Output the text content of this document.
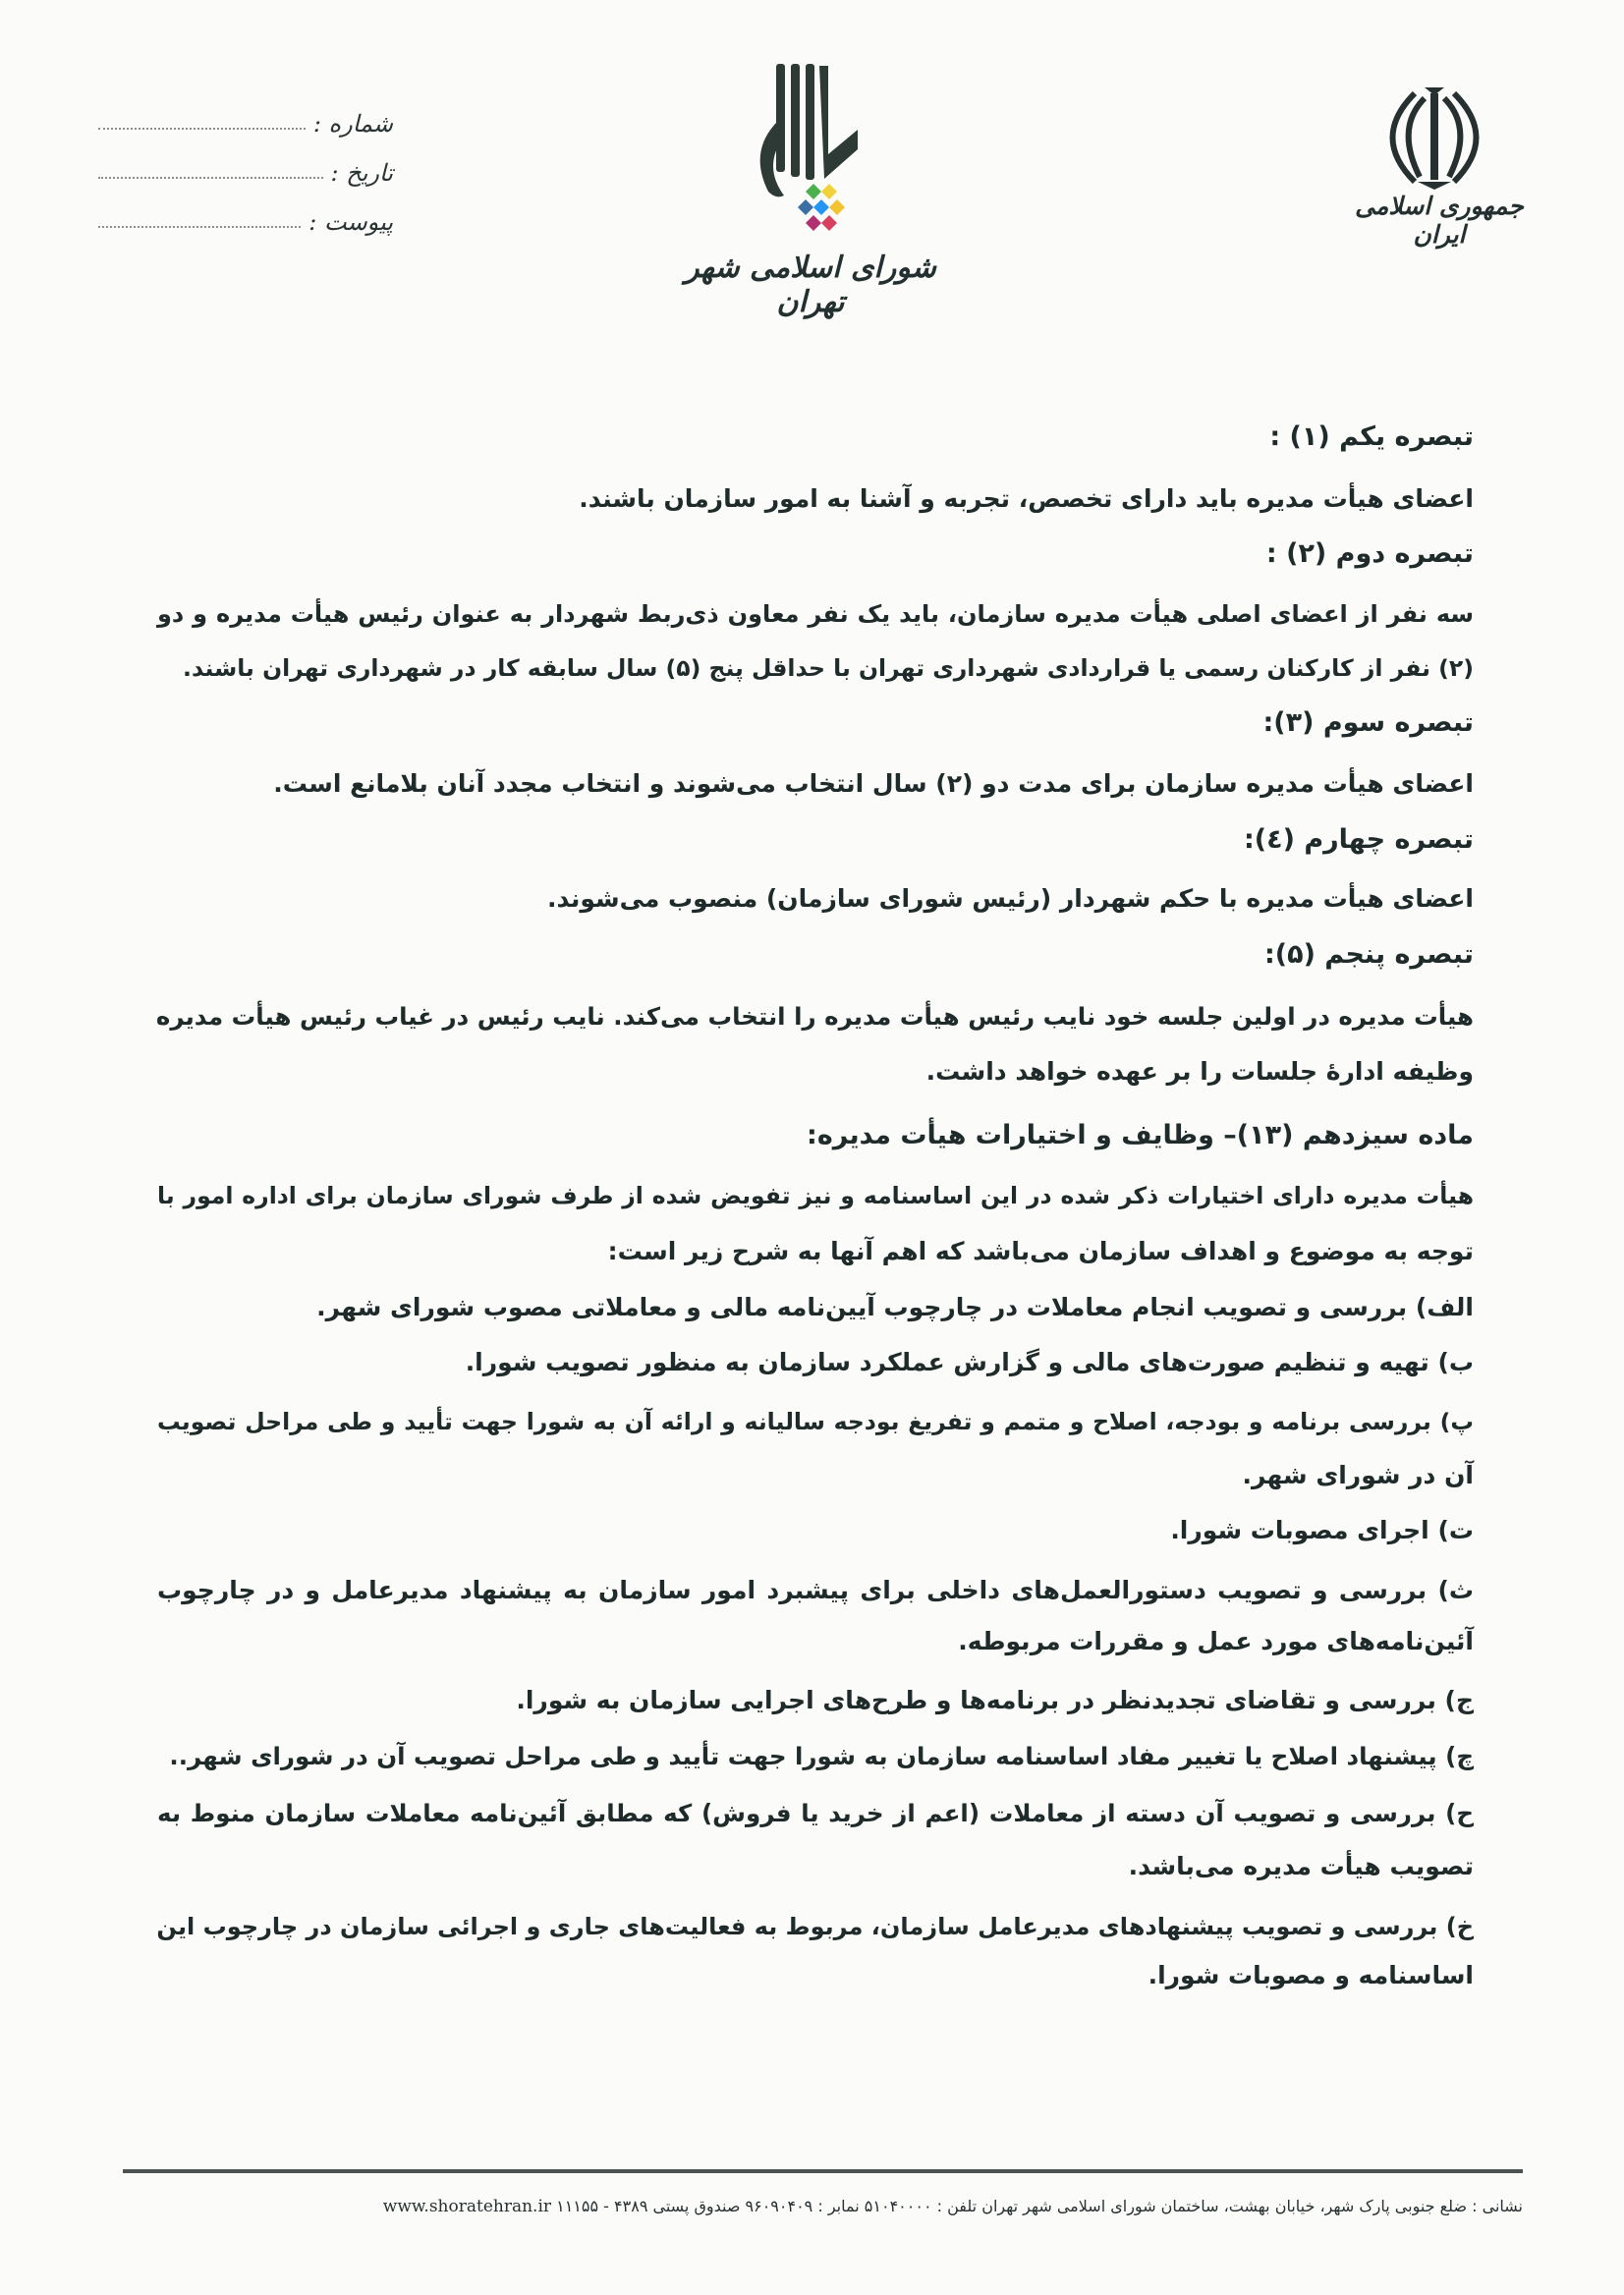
شماره :
تاریخ :
پیوست :
شورای اسلامی شهر تهران
جمهوری اسلامی ایران
تبصره یکم (۱) :
اعضای هیأت مدیره باید دارای تخصص، تجربه و آشنا به امور سازمان باشند.
تبصره دوم (۲) :
سه نفر از اعضای اصلی هیأت مدیره سازمان، باید یک نفر معاون ذی‌ربط شهردار به عنوان رئیس هیأت مدیره و دو
(۲) نفر از کارکنان رسمی یا قراردادی شهرداری تهران با حداقل پنج (۵) سال سابقه کار در شهرداری تهران باشند.
تبصره سوم (۳):
اعضای هیأت مدیره سازمان برای مدت دو (۲) سال انتخاب می‌شوند و انتخاب مجدد آنان بلامانع است.
تبصره چهارم (٤):
اعضای هیأت مدیره با حکم شهردار (رئیس شورای سازمان) منصوب می‌شوند.
تبصره پنجم (۵):
هیأت مدیره در اولین جلسه خود نایب رئیس هیأت مدیره را انتخاب می‌کند. نایب رئیس در غیاب رئیس هیأت مدیره
وظیفه ادارهٔ جلسات را بر عهده خواهد داشت.
ماده سیزدهم (۱۳)– وظایف و اختیارات هیأت مدیره:
هیأت مدیره دارای اختیارات ذکر شده در این اساسنامه و نیز تفویض شده از طرف شورای سازمان برای اداره امور با
توجه به موضوع و اهداف سازمان می‌باشد که اهم آنها به شرح زیر است:
الف) بررسی و تصویب انجام معاملات در چارچوب آیین‌نامه مالی و معاملاتی مصوب شورای شهر.
ب) تهیه و تنظیم صورت‌های مالی و گزارش عملکرد سازمان به منظور تصویب شورا.
پ) بررسی برنامه و بودجه، اصلاح و متمم و تفریغ بودجه سالیانه و ارائه آن به شورا جهت تأیید و طی مراحل تصویب
آن در شورای شهر.
ت) اجرای مصوبات شورا.
ث) بررسی و تصویب دستورالعمل‌های داخلی برای پیشبرد امور سازمان به پیشنهاد مدیرعامل و در چارچوب
آئین‌نامه‌های مورد عمل و مقررات مربوطه.
ج) بررسی و تقاضای تجدیدنظر در برنامه‌ها و طرح‌های اجرایی سازمان به شورا.
چ) پیشنهاد اصلاح یا تغییر مفاد اساسنامه سازمان به شورا جهت تأیید و طی مراحل تصویب آن در شورای شهر..
ح) بررسی و تصویب آن دسته از معاملات (اعم از خرید یا فروش) که مطابق آئین‌نامه معاملات سازمان منوط به
تصویب هیأت مدیره می‌باشد.
خ) بررسی و تصویب پیشنهادهای مدیرعامل سازمان، مربوط به فعالیت‌های جاری و اجرائی سازمان در چارچوب این
اساسنامه و مصوبات شورا.
نشانی : ضلع جنوبی پارک شهر، خیابان بهشت، ساختمان شورای اسلامی شهر تهران تلفن : ۵۱۰۴۰۰۰۰ نمابر : ۹۶۰۹۰۴۰۹ صندوق پستی ۴۳۸۹ - ۱۱۱۵۵ www.shoratehran.ir
